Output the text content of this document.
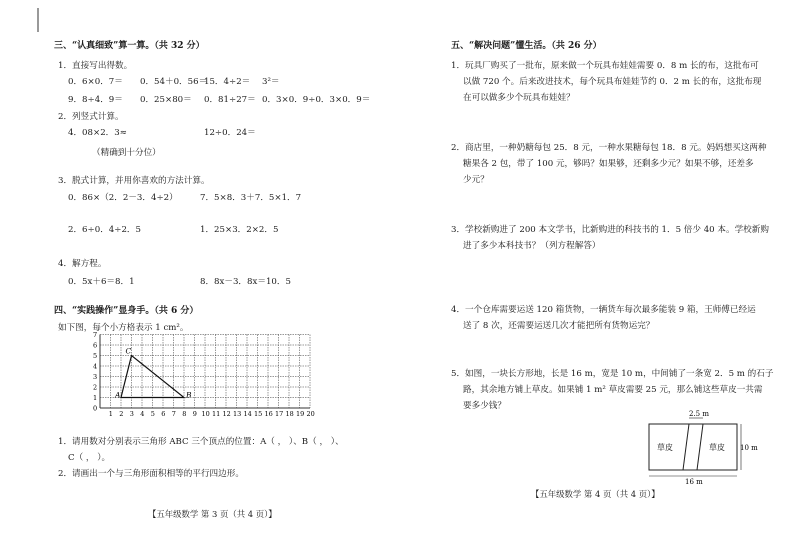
三、“认真细致”算一算。（共 32 分）
1．直接写出得数。
0．6×0．7＝ 0．54＋0．56＝
15．4÷2＝ 3²＝
9．8÷4．9＝ 0．25×80＝ 0．81÷27＝ 0．3×0．9÷0．3×0．9＝
2．列竖式计算。
4．08×2．3≈	12÷0．24＝
（精确到十分位）
3．脱式计算，并用你喜欢的方法计算。
0．86×（2．2－3．4÷2）	7．5×8．3＋7．5×1．7
2．6÷0．4÷2．5	1．25×3．2×2．5
4．解方程。
0．5x＋6＝8．1	8．8x－3．8x＝10．5
四、“实践操作”显身手。（共 6 分）
如下图，每个小方格表示 1 cm²。
1．请用数对分别表示三角形 ABC 三个顶点的位置：A（ ， ）、B（ ， ）、
C（ ， ）。
2．请画出一个与三角形面积相等的平行四边形。
【五年级数学 第 3 页（共 4 页）】
7
6
5
4
3
2
1
0
1 2 3 4 5 6 7 8 9 10 11 12 13 14 15 16 17 18 19 20
A	B
C
五、“解决问题”懂生活。（共 26 分）
1．玩具厂购买了一批布，原来做一个玩具布娃娃需要 0．8 m 长的布，这批布可
以做 720 个。后来改进技术，每个玩具布娃娃节约 0．2 m 长的布，这批布现
在可以做多少个玩具布娃娃？
2．商店里，一种奶糖每包 25．8 元，一种水果糖每包 18．8 元。妈妈想买这两种
糖果各 2 包，带了 100 元，够吗？如果够，还剩多少元？如果不够，还差多
少元？
3．学校新购进了 200 本文学书，比新购进的科技书的 1．5 倍少 40 本。学校新购
进了多少本科技书？（列方程解答）
4．一个仓库需要运送 120 箱货物，一辆货车每次最多能装 9 箱，王师傅已经运
送了 8 次，还需要运送几次才能把所有货物运完？
5．如图，一块长方形地，长是 16 m，宽是 10 m，中间铺了一条宽 2．5 m 的石子
路，其余地方铺上草皮。如果铺 1 m² 草皮需要 25 元，那么铺这些草皮一共需
要多少钱？
【五年级数学 第 4 页（共 4 页）】
2.5 m
10 m
16 m
草皮	草皮
